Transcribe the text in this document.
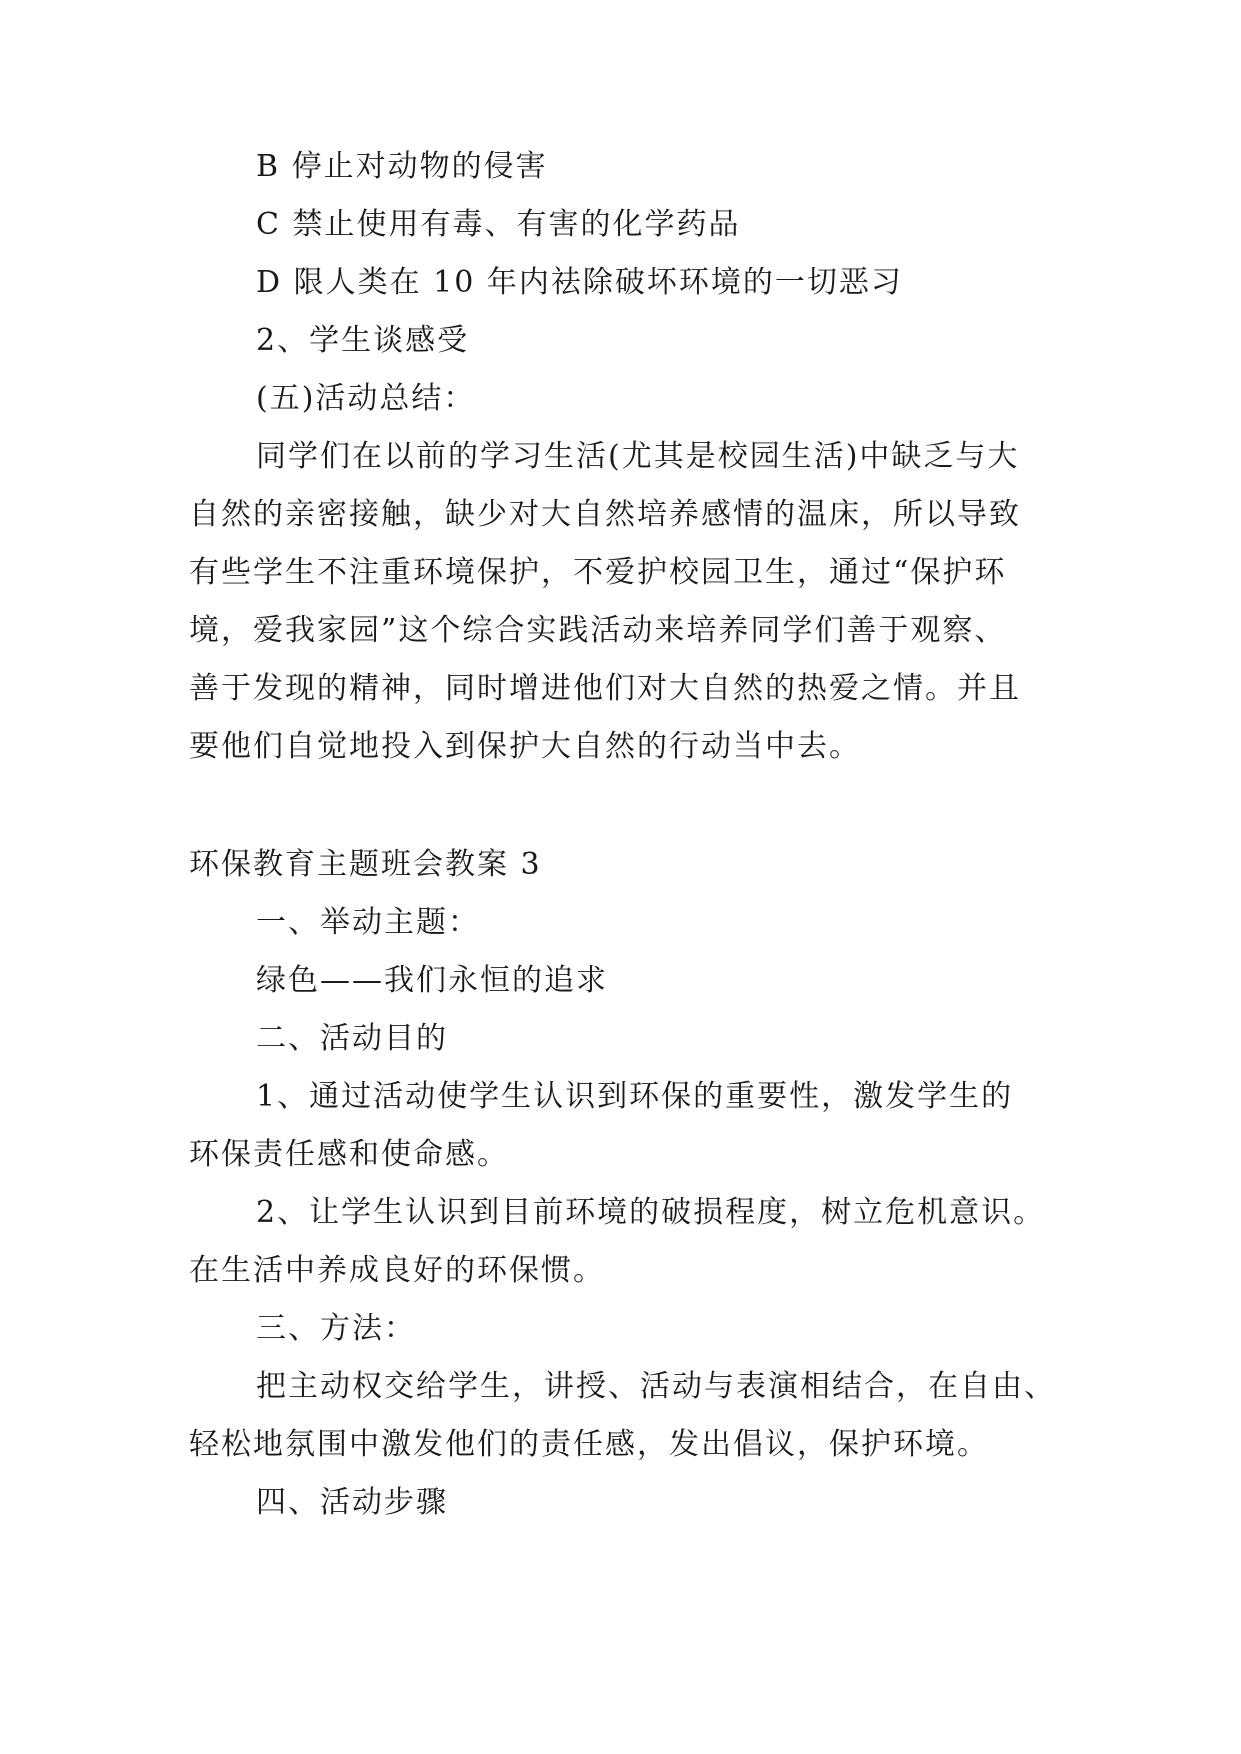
B 停止对动物的侵害
C 禁止使用有毒、有害的化学药品
D 限人类在 10 年内祛除破坏环境的一切恶习
2、学生谈感受
(五)活动总结：
同学们在以前的学习生活(尤其是校园生活)中缺乏与大
自然的亲密接触，缺少对大自然培养感情的温床，所以导致
有些学生不注重环境保护，不爱护校园卫生，通过“保护环
境，爱我家园”这个综合实践活动来培养同学们善于观察、
善于发现的精神，同时增进他们对大自然的热爱之情。并且
要他们自觉地投入到保护大自然的行动当中去。
环保教育主题班会教案 3
一、举动主题：
绿色——我们永恒的追求
二、活动目的
1、通过活动使学生认识到环保的重要性，激发学生的
环保责任感和使命感。
2、让学生认识到目前环境的破损程度，树立危机意识。
在生活中养成良好的环保惯。
三、方法：
把主动权交给学生，讲授、活动与表演相结合，在自由、
轻松地氛围中激发他们的责任感，发出倡议，保护环境。
四、活动步骤
